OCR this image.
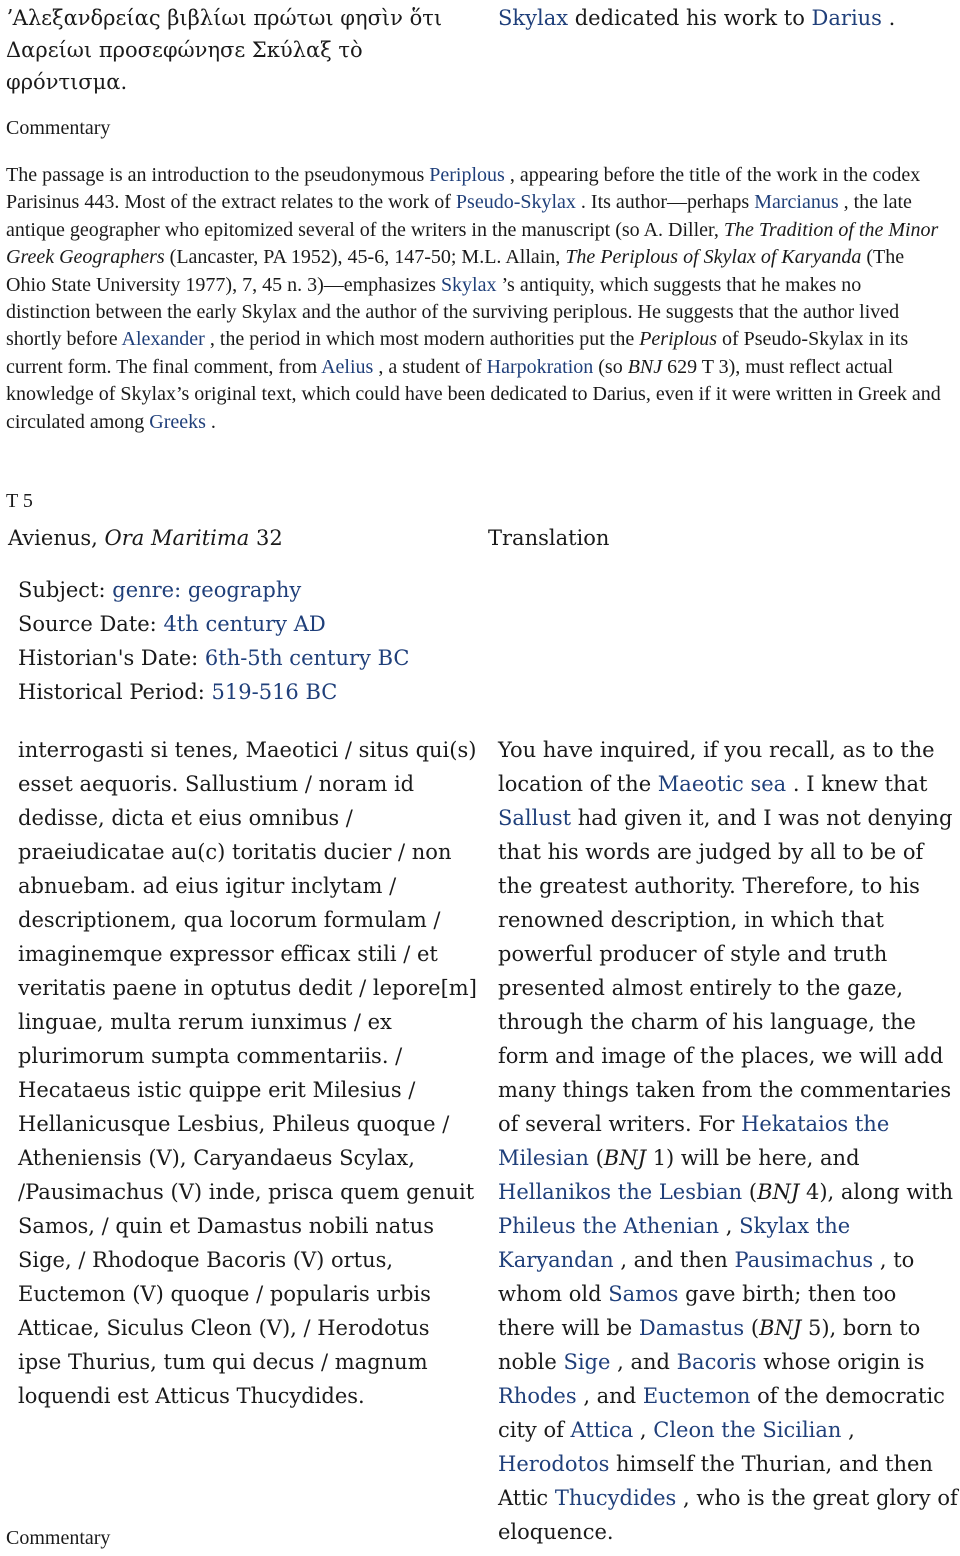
ʼΑλεξανδρείας βιβλίωι πρώτωι φησὶν ὅτι
Δαρείωι προσεφώνησε Σκύλαξ τὸ φρόντισμα.
Skylax dedicated his work to Darius .
Commentary
The passage is an introduction to the pseudonymous Periplous , appearing before the title of the work in the codex Parisinus 443. Most of the extract relates to the work of Pseudo-Skylax . Its author—perhaps Marcianus , the late antique geographer who epitomized several of the writers in the manuscript (so A. Diller, The Tradition of the Minor Greek Geographers (Lancaster, PA 1952), 45-6, 147-50; M.L. Allain, The Periplous of Skylax of Karyanda (The Ohio State University 1977), 7, 45 n. 3)—emphasizes Skylax ’s antiquity, which suggests that he makes no distinction between the early Skylax and the author of the surviving periplous. He suggests that the author lived shortly before Alexander , the period in which most modern authorities put the Periplous of Pseudo-Skylax in its current form. The final comment, from Aelius , a student of Harpokration (so BNJ 629 T 3), must reflect actual knowledge of Skylax’s original text, which could have been dedicated to Darius, even if it were written in Greek and circulated among Greeks .
T 5
Avienus, Ora Maritima 32	Translation
Subject: genre: geography
Source Date: 4th century AD
Historian's Date: 6th-5th century BC
Historical Period: 519-516 BC
interrogasti si tenes, Maeotici / situs qui(s) esset aequoris. Sallustium / noram id dedisse, dicta et eius omnibus / praeiudicatae au(c) toritatis ducier / non abnuebam. ad eius igitur inclytam / descriptionem, qua locorum formulam / imaginemque expressor efficax stili / et veritatis paene in optutus dedit / lepore[m] linguae, multa rerum iunximus / ex plurimorum sumpta commentariis. / Hecataeus istic quippe erit Milesius / Hellanicusque Lesbius, Phileus quoque / Atheniensis (V), Caryandaeus Scylax, /Pausimachus (V) inde, prisca quem genuit Samos, / quin et Damastus nobili natus Sige, / Rhodoque Bacoris (V) ortus, Euctemon (V) quoque / popularis urbis Atticae, Siculus Cleon (V), / Herodotus ipse Thurius, tum qui decus / magnum loquendi est Atticus Thucydides.
You have inquired, if you recall, as to the location of the Maeotic sea . I knew that Sallust had given it, and I was not denying that his words are judged by all to be of the greatest authority. Therefore, to his renowned description, in which that powerful producer of style and truth presented almost entirely to the gaze, through the charm of his language, the form and image of the places, we will add many things taken from the commentaries of several writers. For Hekataios the Milesian (BNJ 1) will be here, and Hellanikos the Lesbian (BNJ 4), along with Phileus the Athenian , Skylax the Karyandan , and then Pausimachus , to whom old Samos gave birth; then too there will be Damastus (BNJ 5), born to noble Sige , and Bacoris whose origin is Rhodes , and Euctemon of the democratic city of Attica , Cleon the Sicilian , Herodotos himself the Thurian, and then Attic Thucydides , who is the great glory of eloquence.
Commentary
